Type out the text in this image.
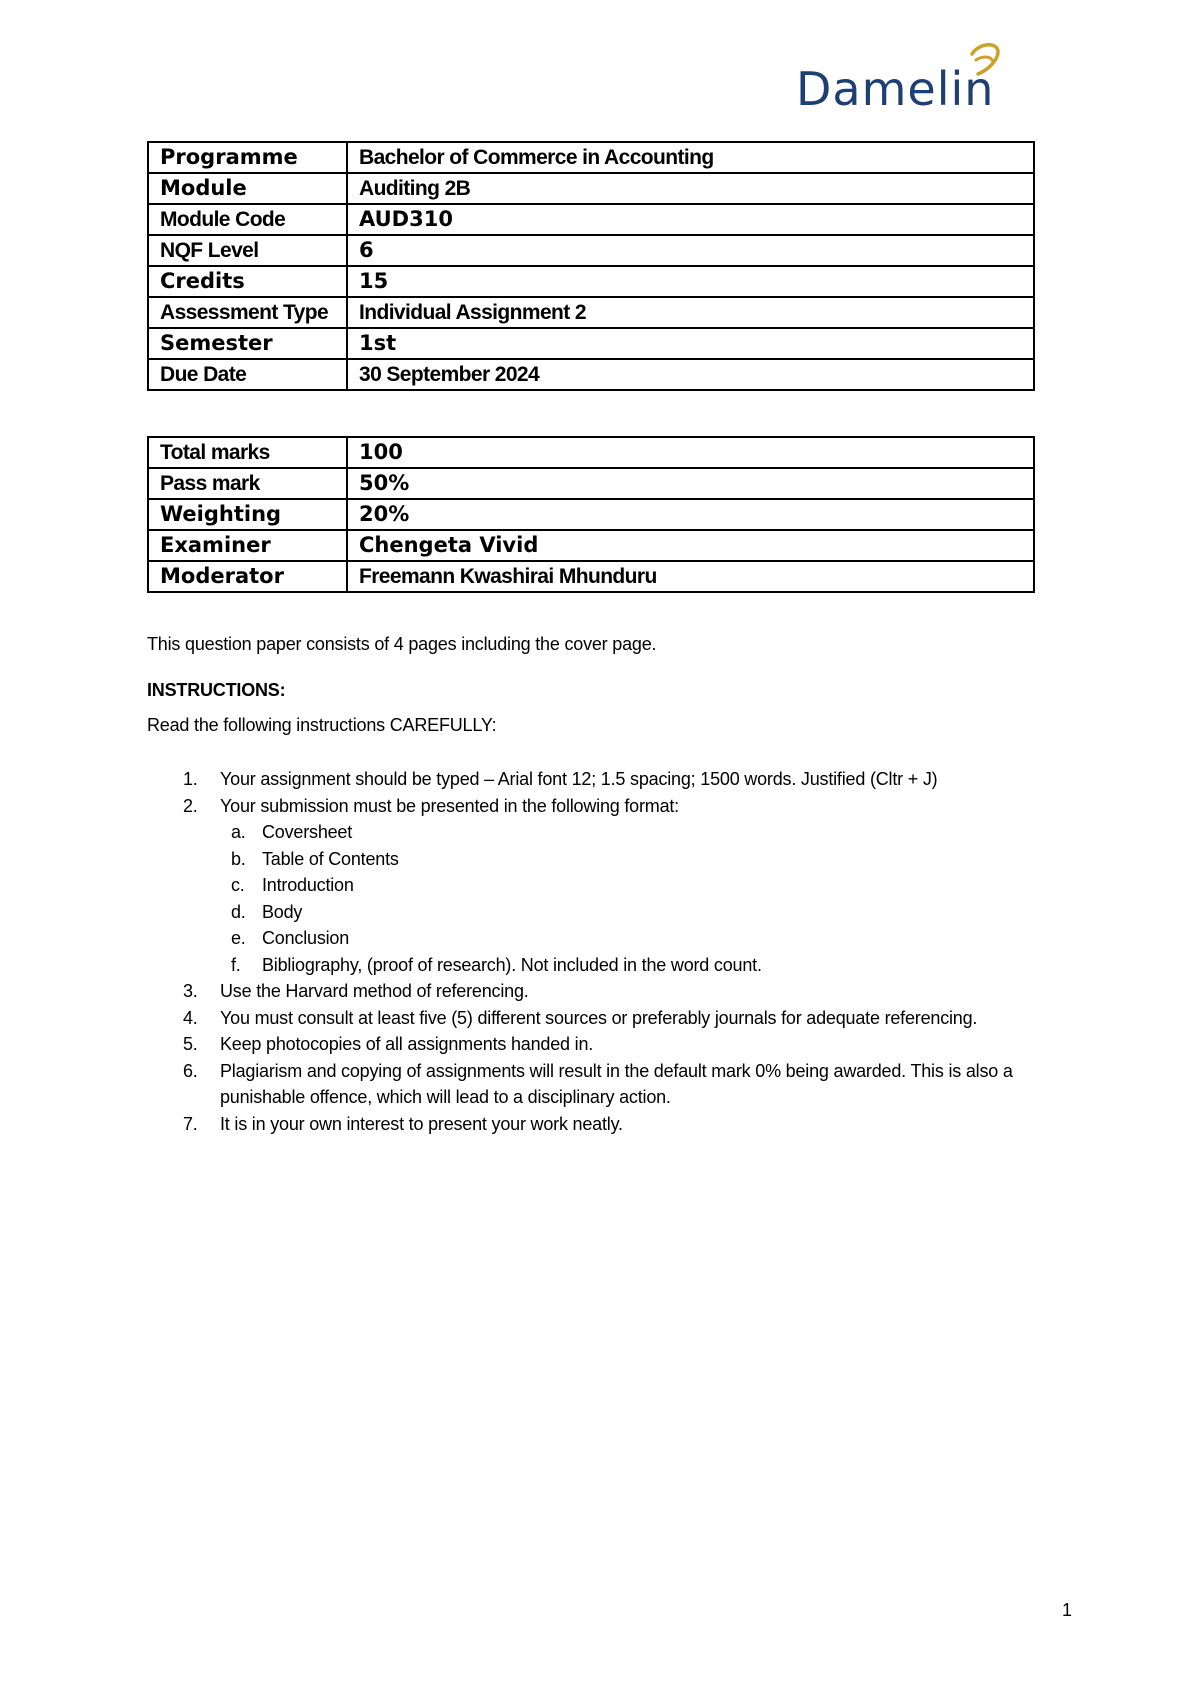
Damelin
Programme	Bachelor of Commerce in Accounting
Module	Auditing 2B
Module Code	AUD310
NQF Level	6
Credits	15
Assessment Type	Individual Assignment 2
Semester	1st
Due Date	30 September 2024
Total marks	100
Pass mark	50%
Weighting	20%
Examiner	Chengeta Vivid
Moderator	Freemann Kwashirai Mhunduru
This question paper consists of 4 pages including the cover page.
INSTRUCTIONS:
Read the following instructions CAREFULLY:
1. Your assignment should be typed – Arial font 12; 1.5 spacing; 1500 words. Justified (Cltr + J)
2. Your submission must be presented in the following format:
a. Coversheet
b. Table of Contents
c. Introduction
d. Body
e. Conclusion
f. Bibliography, (proof of research). Not included in the word count.
3. Use the Harvard method of referencing.
4. You must consult at least five (5) different sources or preferably journals for adequate referencing.
5. Keep photocopies of all assignments handed in.
6. Plagiarism and copying of assignments will result in the default mark 0% being awarded. This is also a punishable offence, which will lead to a disciplinary action.
7. It is in your own interest to present your work neatly.
1
